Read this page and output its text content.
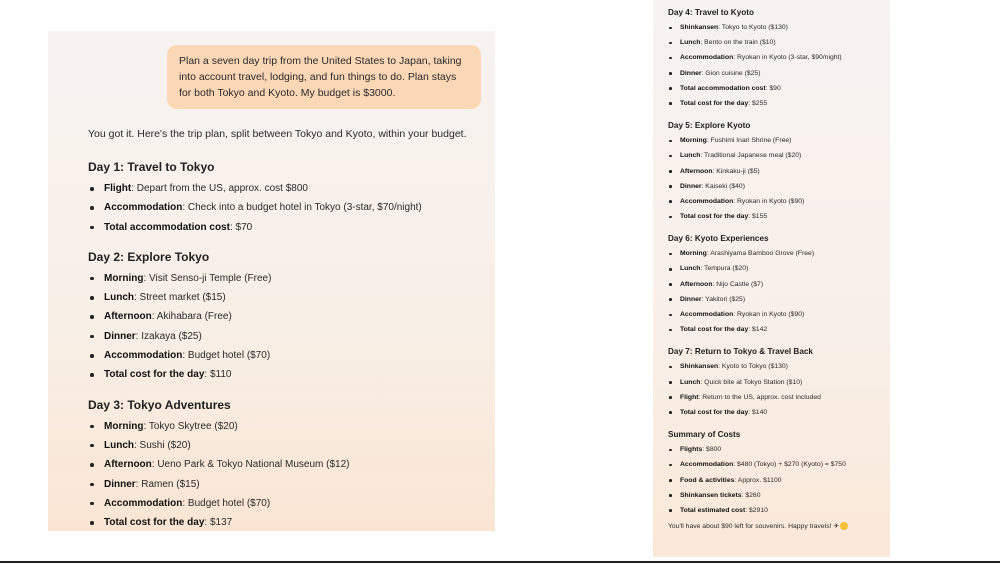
Plan a seven day trip from the United States to Japan, taking into account travel, lodging, and fun things to do. Plan stays for both Tokyo and Kyoto. My budget is $3000.
You got it. Here's the trip plan, split between Tokyo and Kyoto, within your budget.
Day 1: Travel to Tokyo
Flight: Depart from the US, approx. cost $800
Accommodation: Check into a budget hotel in Tokyo (3-star, $70/night)
Total accommodation cost: $70
Day 2: Explore Tokyo
Morning: Visit Senso-ji Temple (Free)
Lunch: Street market ($15)
Afternoon: Akihabara (Free)
Dinner: Izakaya ($25)
Accommodation: Budget hotel ($70)
Total cost for the day: $110
Day 3: Tokyo Adventures
Morning: Tokyo Skytree ($20)
Lunch: Sushi ($20)
Afternoon: Ueno Park & Tokyo National Museum ($12)
Dinner: Ramen ($15)
Accommodation: Budget hotel ($70)
Total cost for the day: $137
Day 4: Travel to Kyoto
Shinkansen: Tokyo to Kyoto ($130)
Lunch: Bento on the train ($10)
Accommodation: Ryokan in Kyoto (3-star, $90/night)
Dinner: Gion cuisine ($25)
Total accommodation cost: $90
Total cost for the day: $255
Day 5: Explore Kyoto
Morning: Fushimi Inari Shrine (Free)
Lunch: Traditional Japanese meal ($20)
Afternoon: Kinkaku-ji ($5)
Dinner: Kaiseki ($40)
Accommodation: Ryokan in Kyoto ($90)
Total cost for the day: $155
Day 6: Kyoto Experiences
Morning: Arashiyama Bamboo Grove (Free)
Lunch: Tempura ($20)
Afternoon: Nijo Castle ($7)
Dinner: Yakitori ($25)
Accommodation: Ryokan in Kyoto ($90)
Total cost for the day: $142
Day 7: Return to Tokyo & Travel Back
Shinkansen: Kyoto to Tokyo ($130)
Lunch: Quick bite at Tokyo Station ($10)
Flight: Return to the US, approx. cost included
Total cost for the day: $140
Summary of Costs
Flights: $800
Accommodation: $480 (Tokyo) + $270 (Kyoto) = $750
Food & activities: Approx. $1100
Shinkansen tickets: $260
Total estimated cost: $2910
You'll have about $90 left for souvenirs. Happy travels! ✈
